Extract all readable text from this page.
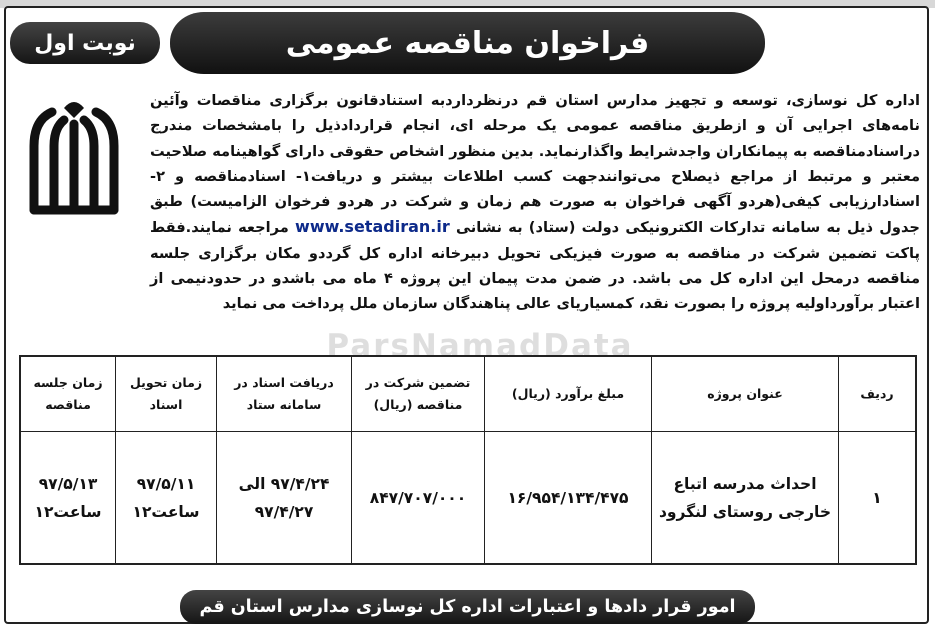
فراخوان مناقصه عمومی
نوبت اول
اداره کل نوسازی، توسعه و تجهیز مدارس استان قم درنظرداردبه استنادقانون برگزاری مناقصات وآئین نامه‌های اجرایی آن و ازطریق مناقصه عمومی یک مرحله ای، انجام قراردادذیل را بامشخصات مندرج دراسنادمناقصه به پیمانکاران واجدشرایط واگذارنماید. بدین منظور اشخاص حقوقی دارای گواهینامه صلاحیت معتبر و مرتبط از مراجع ذیصلاح می‌توانندجهت کسب اطلاعات بیشتر و دریافت۱- اسنادمناقصه و ۲-اسنادارزیابی کیفی(هردو آگهی فراخوان به صورت هم زمان و شرکت در هردو فرخوان الزامیست) طبق جدول ذیل به سامانه تدارکات الکترونیکی دولت (ستاد) به نشانی www.setadiran.ir مراجعه نمایند.فقط پاکت تضمین شرکت در مناقصه به صورت فیزیکی تحویل دبیرخانه اداره کل گردد‌و مکان برگزاری جلسه مناقصه درمحل این اداره کل می باشد. در ضمن مدت پیمان این پروژه ۴ ماه می باشدو در حدودنیمی از اعتبار برآوردا‌ولیه پروژه را بصورت نقد، کمسیاریای عالی پناهندگان سازمان ملل پرداخت می نماید
ParsNamadData
ردیف	عنوان پروژه	مبلغ برآورد (ریال)	تضمین شرکت در مناقصه (ریال)	دریافت اسناد در سامانه ستاد	زمان تحویل اسناد	زمان جلسه مناقصه
۱	احداث مدرسه اتباع خارجی روستای لنگرود	۱۶/۹۵۴/۱۳۴/۴۷۵	۸۴۷/۷۰۷/۰۰۰	۹۷/۴/۲۴ الی ۹۷/۴/۲۷	۹۷/۵/۱۱ ساعت۱۲	۹۷/۵/۱۳ ساعت۱۲
امور قرار دادها و اعتبارات اداره کل نوسازی مدارس استان قم
